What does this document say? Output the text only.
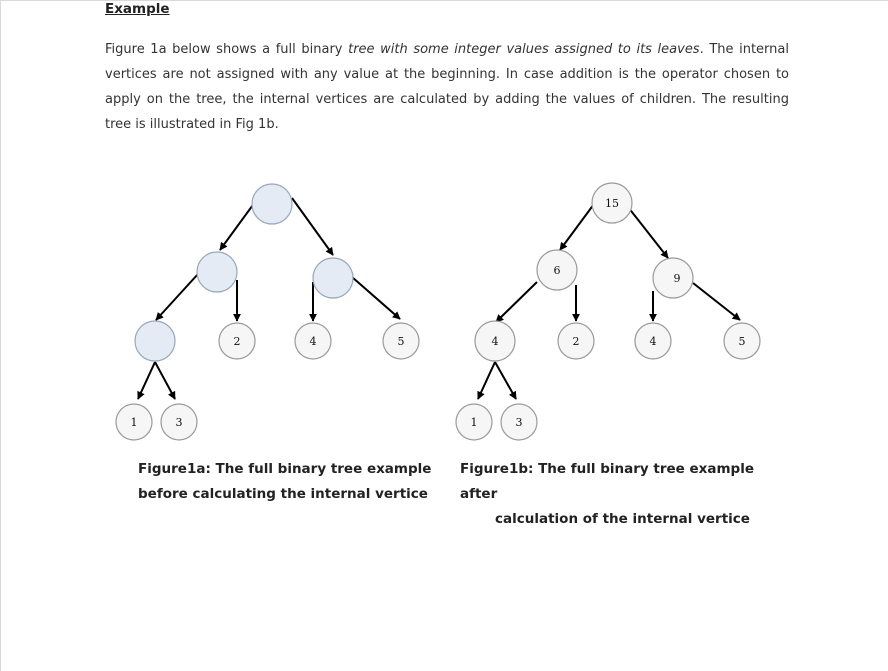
Example
Figure 1a below shows a full binary tree with some integer values assigned to its leaves. The internal vertices are not assigned with any value at the beginning. In case addition is the operator chosen to apply on the tree, the internal vertices are calculated by adding the values of children. The resulting tree is illustrated in Fig 1b.
2	4	5
1	3
15
6
9
4	2	4	5
1	3
Figure1a: The full binary tree example
before calculating the internal vertice
Figure1b: The full binary tree example after
calculation of the internal vertice
